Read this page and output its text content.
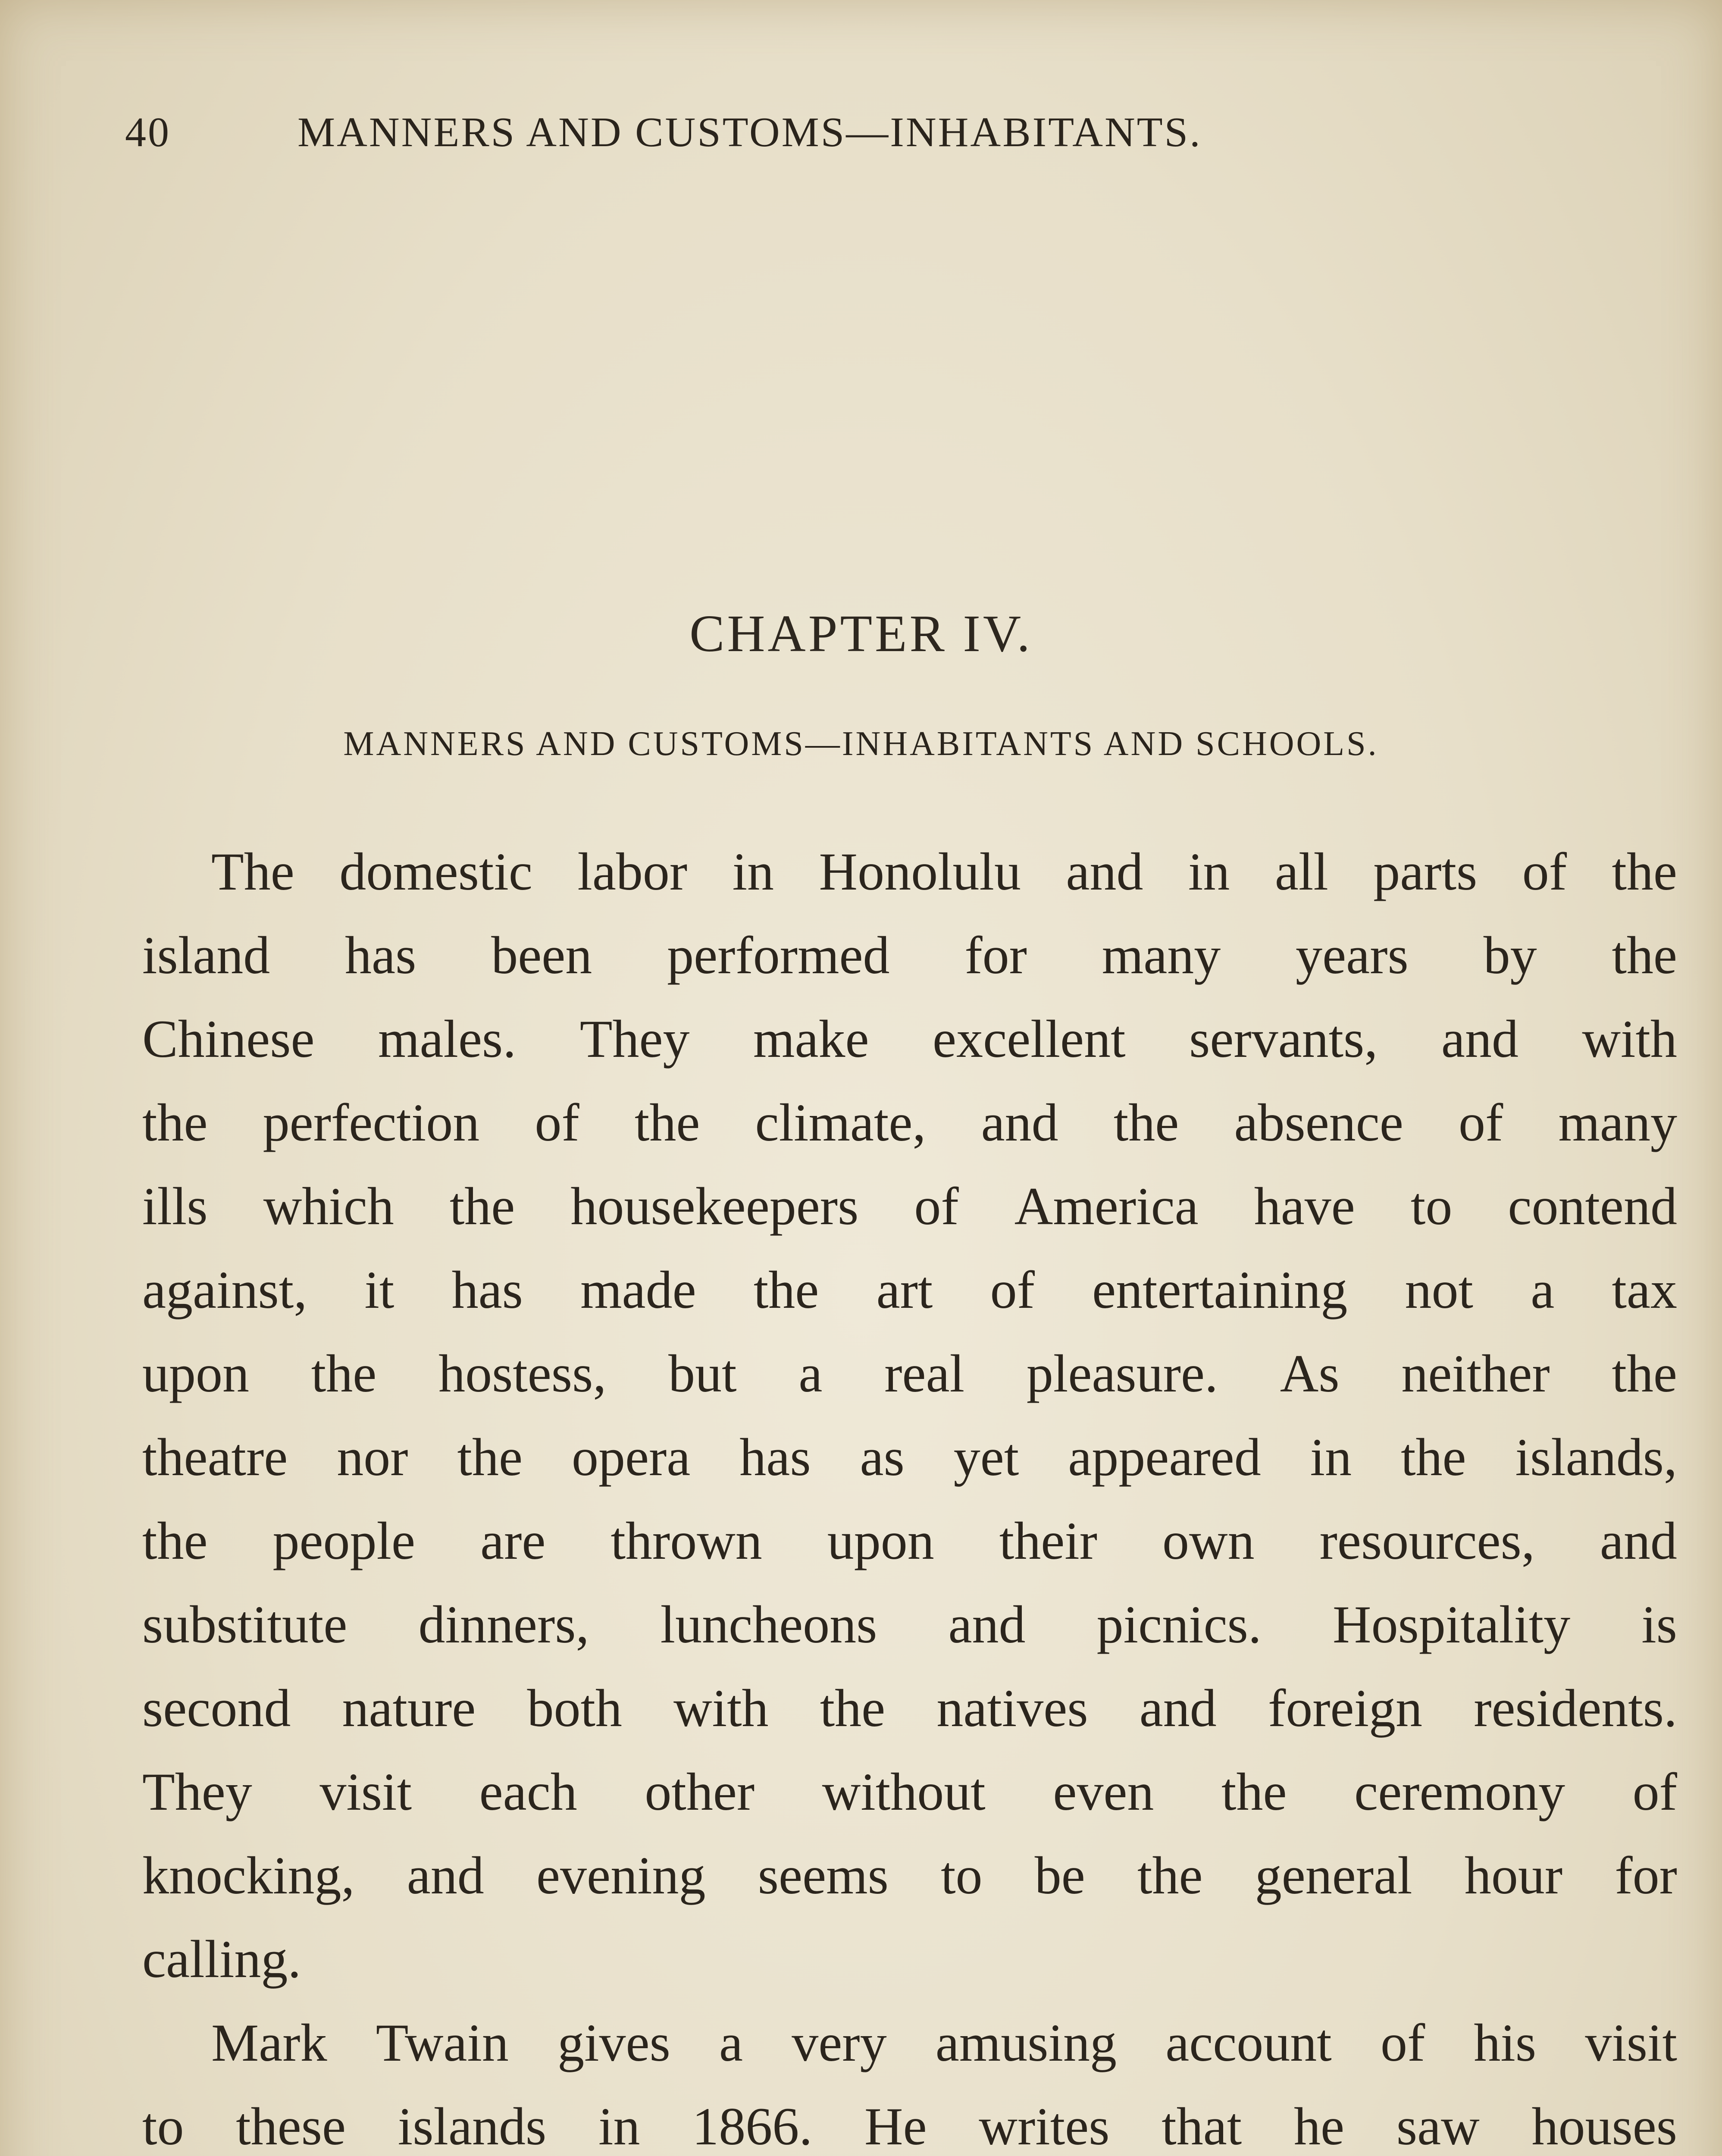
40	MANNERS AND CUSTOMS—INHABITANTS.
CHAPTER IV.
MANNERS AND CUSTOMS—INHABITANTS AND SCHOOLS.
The domestic labor in Honolulu and in all parts of the
island has been performed for many years by the
Chinese males. They make excellent servants, and with
the perfection of the climate, and the absence of many
ills which the housekeepers of America have to contend
against, it has made the art of entertaining not a tax
upon the hostess, but a real pleasure. As neither the
theatre nor the opera has as yet appeared in the islands,
the people are thrown upon their own resources, and
substitute dinners, luncheons and picnics. Hospitality is
second nature both with the natives and foreign residents.
They visit each other without even the ceremony of
knocking, and evening seems to be the general hour for
calling.
Mark Twain gives a very amusing account of his visit
to these islands in 1866. He writes that he saw houses
